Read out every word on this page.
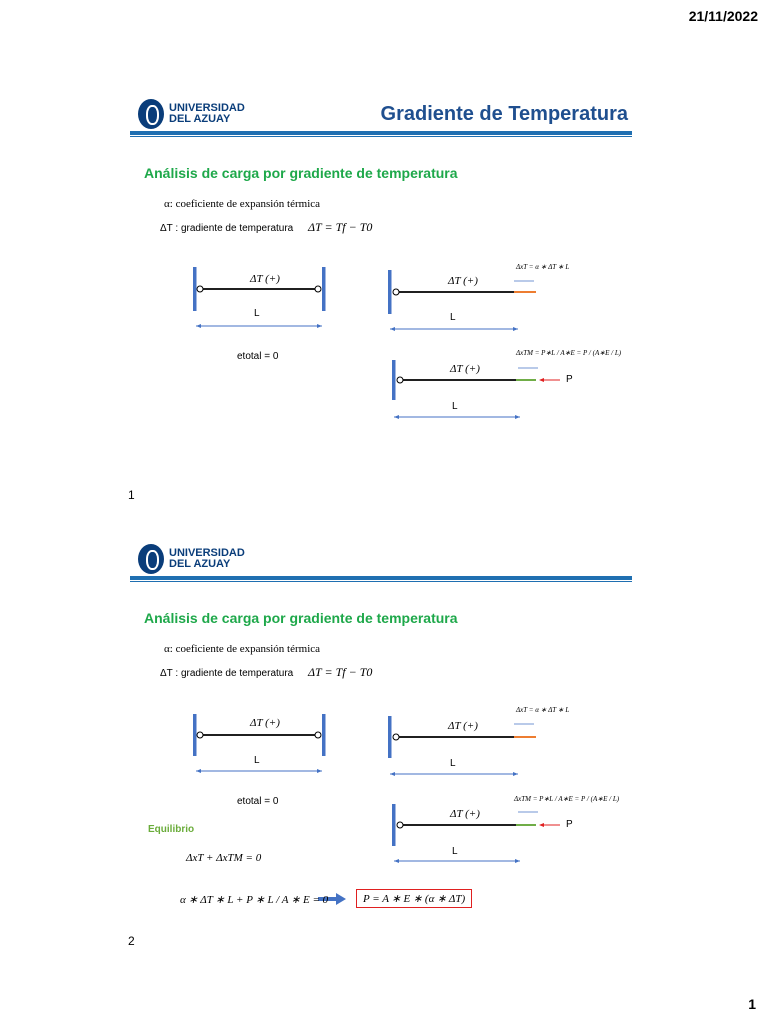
21/11/2022
UNIVERSIDAD
DEL AZUAY	Gradiente de Temperatura
Análisis de carga por gradiente de temperatura
α: coeficiente de expansión térmica
ΔT : gradiente de temperatura ΔT = Tf − T0
ΔT (+)
L
etotal = 0
ΔT (+)
L
ΔxT = α ∗ ΔT ∗ L
ΔxTM = P∗L / A∗E = P / (A∗E / L)
ΔT (+)
P
L
1
UNIVERSIDAD
DEL AZUAY
Análisis de carga por gradiente de temperatura
α: coeficiente de expansión térmica
ΔT : gradiente de temperatura ΔT = Tf − T0
ΔT (+)
L
etotal = 0
Equilibrio
ΔxT + ΔxTM = 0
α ∗ ΔT ∗ L + P ∗ L / A ∗ E = 0	P = A ∗ E ∗ (α ∗ ΔT)
ΔT (+)
L
ΔxT = α ∗ ΔT ∗ L
ΔxTM = P∗L / A∗E = P / (A∗E / L)
ΔT (+)
P
L
2
1
